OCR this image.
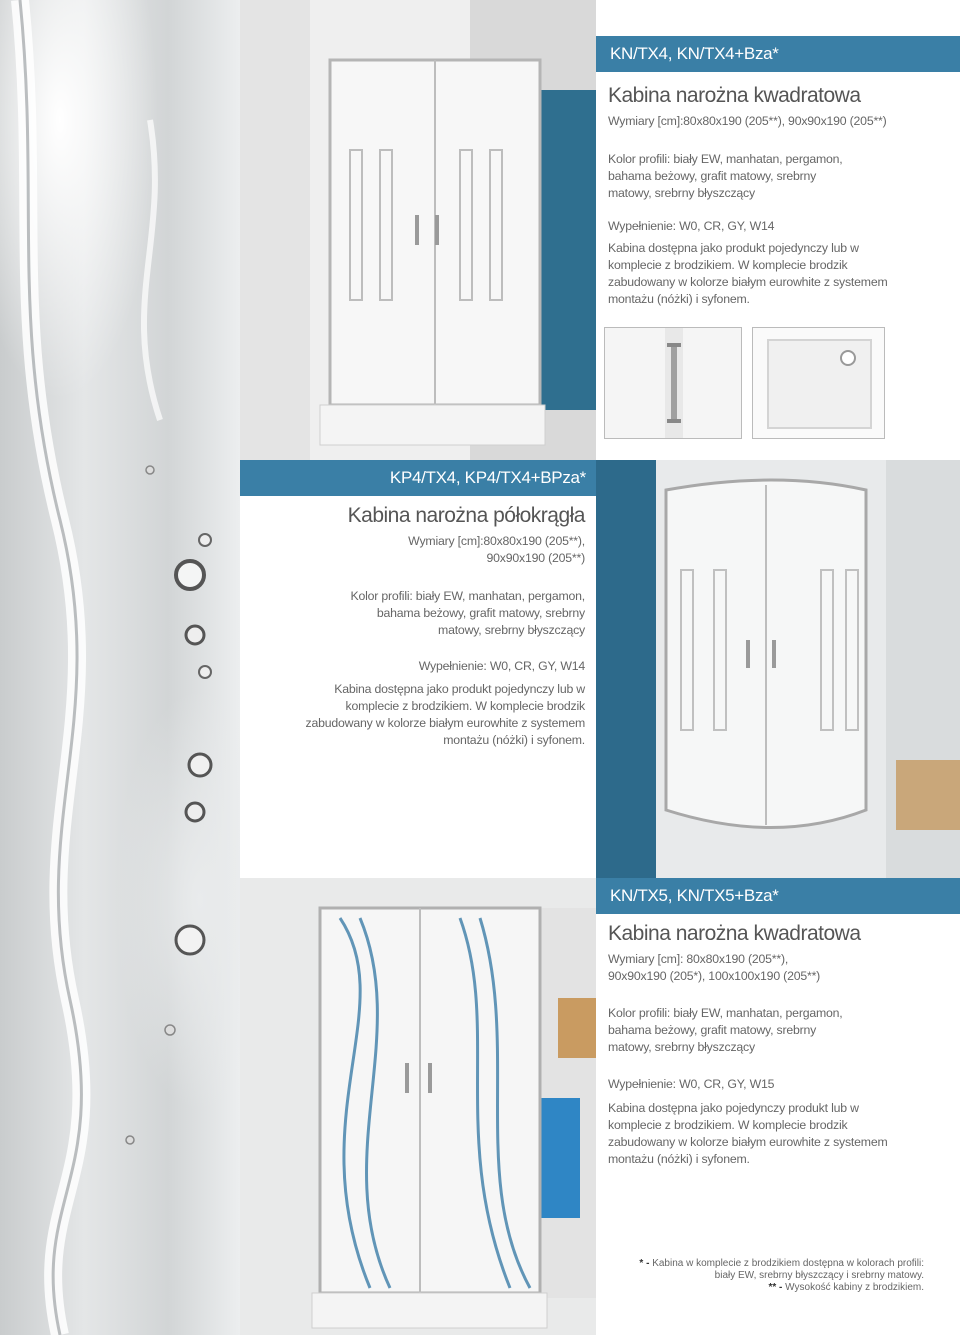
KN/TX4, KN/TX4+Bza*
Kabina narożna kwadratowa
Wymiary [cm]:80x80x190 (205**), 90x90x190 (205**)
Kolor profili: biały EW, manhatan, pergamon, bahama beżowy, grafit matowy, srebrny matowy, srebrny błyszczący
Wypełnienie: W0, CR, GY, W14
Kabina dostępna jako produkt pojedynczy lub w komplecie z brodzikiem. W komplecie brodzik zabudowany w kolorze białym eurowhite z systemem montażu (nóżki) i syfonem.
KP4/TX4, KP4/TX4+BPza*
Kabina narożna półokrągła
Wymiary [cm]:80x80x190 (205**),
90x90x190 (205**)
Kolor profili: biały EW, manhatan, pergamon, bahama beżowy, grafit matowy, srebrny matowy, srebrny błyszczący
Wypełnienie: W0, CR, GY, W14
Kabina dostępna jako produkt pojedynczy lub w komplecie z brodzikiem. W komplecie brodzik zabudowany w kolorze białym eurowhite z systemem montażu (nóżki) i syfonem.
KN/TX5, KN/TX5+Bza*
Kabina narożna kwadratowa
Wymiary [cm]: 80x80x190 (205**),
90x90x190 (205*), 100x100x190 (205**)
Kolor profili: biały EW, manhatan, pergamon, bahama beżowy, grafit matowy, srebrny matowy, srebrny błyszczący
Wypełnienie: W0, CR, GY, W15
Kabina dostępna jako pojedynczy produkt lub w komplecie z brodzikiem. W komplecie brodzik zabudowany w kolorze białym eurowhite z systemem montażu (nóżki) i syfonem.
* - Kabina w komplecie z brodzikiem dostępna w kolorach profili:
biały EW, srebrny błyszczący i srebrny matowy.
** - Wysokość kabiny z brodzikiem.
